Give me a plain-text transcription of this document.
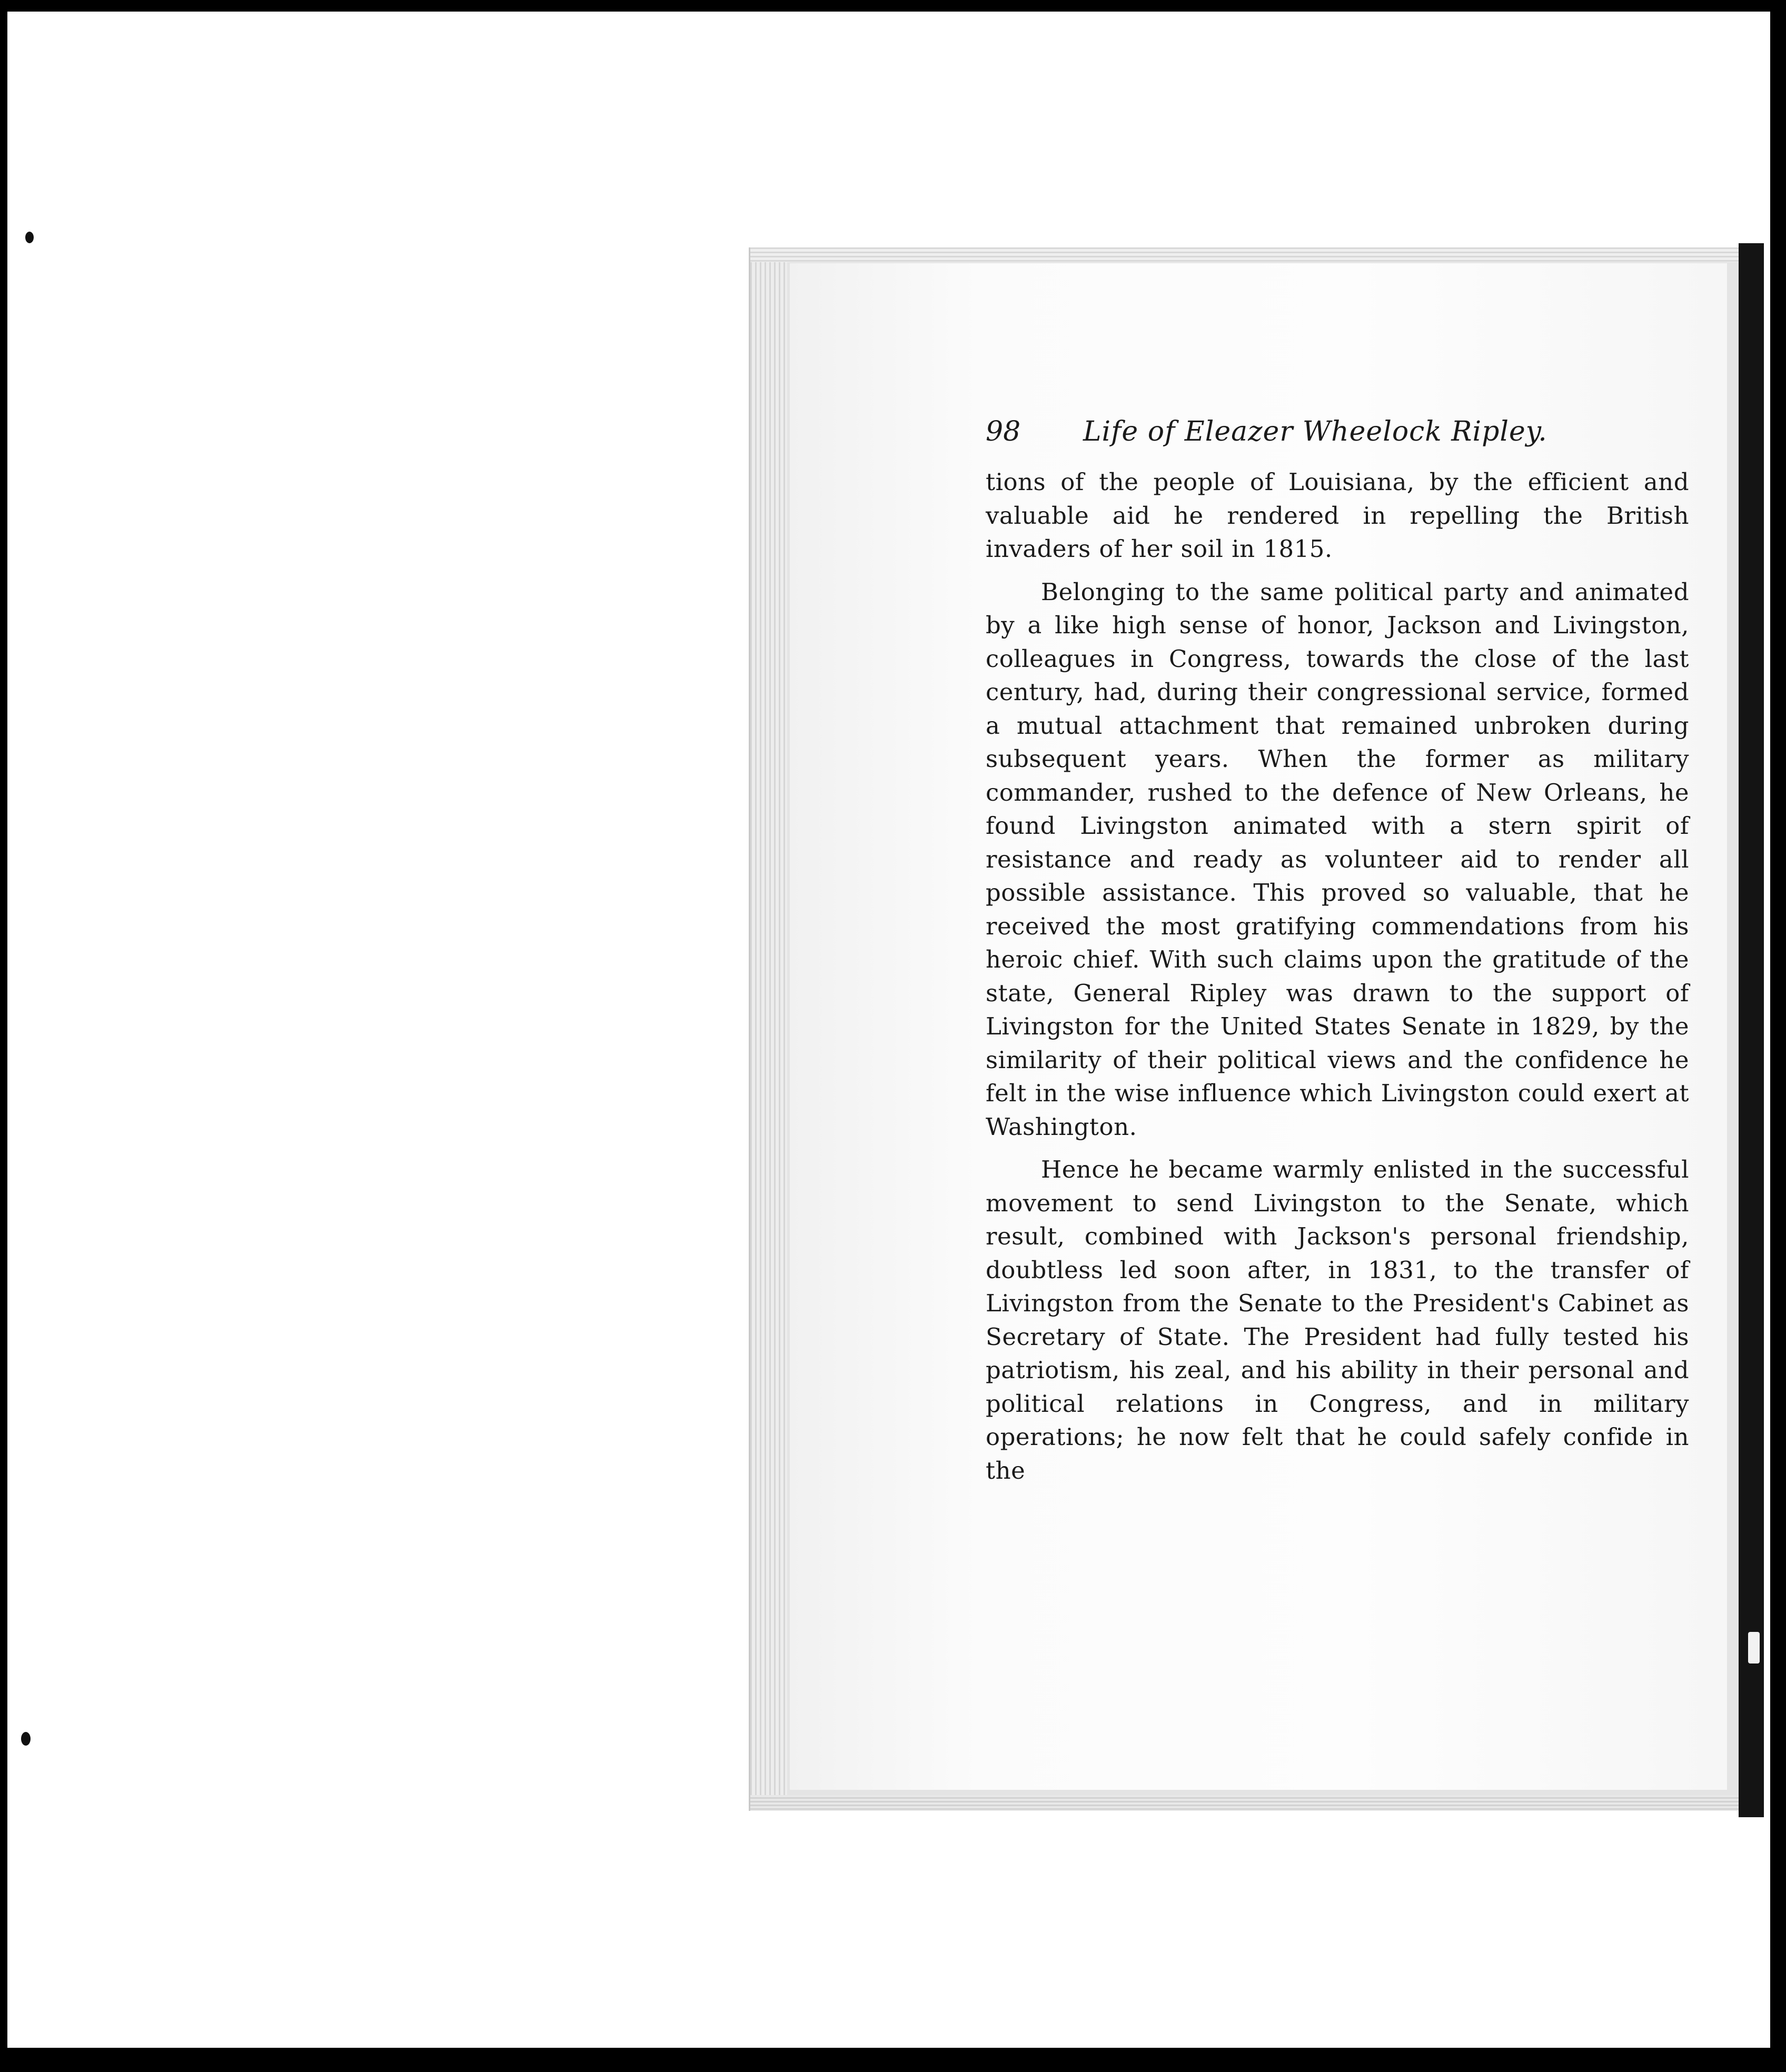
98 Life of Eleazer Wheelock Ripley.

tions of the people of Louisiana, by the efficient and valuable aid he rendered in repelling the British invaders of her soil in 1815.

Belonging to the same political party and animated by a like high sense of honor, Jackson and Livingston, colleagues in Congress, towards the close of the last century, had, during their congressional service, formed a mutual attachment that remained unbroken during subsequent years. When the former as military commander, rushed to the defence of New Orleans, he found Livingston animated with a stern spirit of resistance and ready as volunteer aid to render all possible assistance. This proved so valuable, that he received the most gratifying commendations from his heroic chief. With such claims upon the gratitude of the state, General Ripley was drawn to the support of Livingston for the United States Senate in 1829, by the similarity of their political views and the confidence he felt in the wise influence which Livingston could exert at Washington.

Hence he became warmly enlisted in the successful movement to send Livingston to the Senate, which result, combined with Jackson's personal friendship, doubtless led soon after, in 1831, to the transfer of Livingston from the Senate to the President's Cabinet as Secretary of State. The President had fully tested his patriotism, his zeal, and his ability in their personal and political relations in Congress, and in military operations; he now felt that he could safely confide in the
